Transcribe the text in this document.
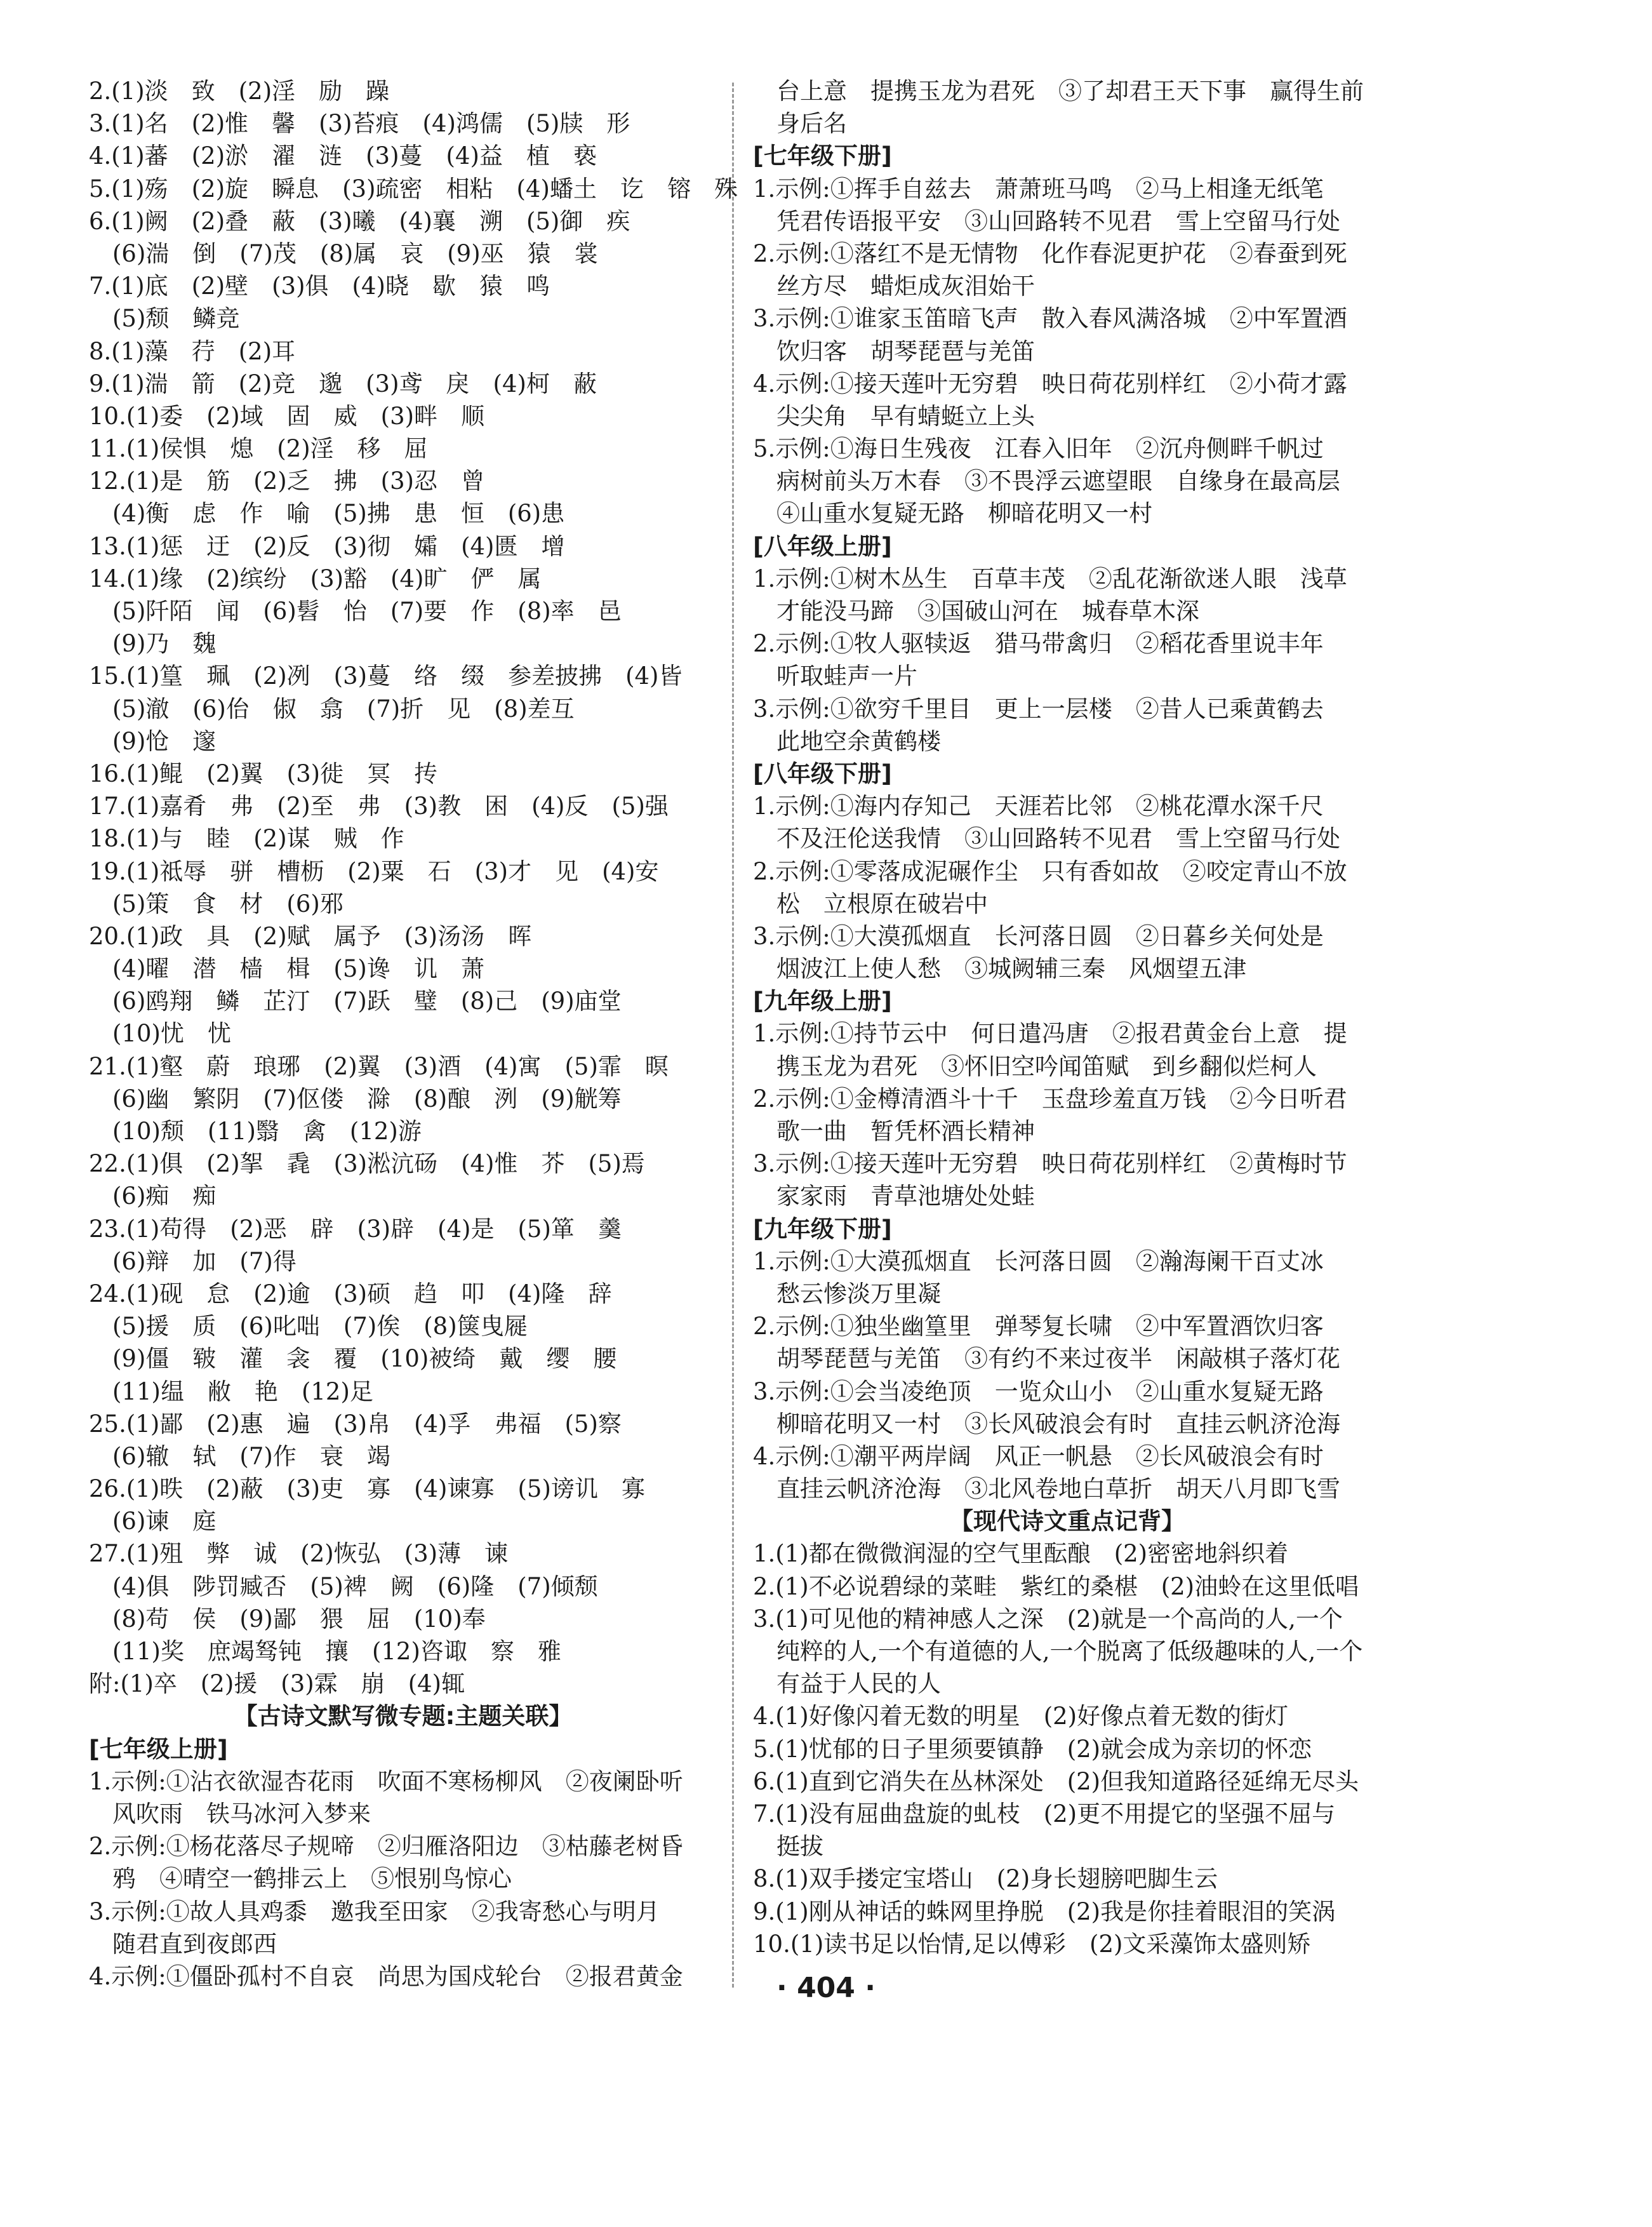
2.(1)淡　致　(2)淫　励　躁
3.(1)名　(2)惟　馨　(3)苔痕　(4)鸿儒　(5)牍　形
4.(1)蕃　(2)淤　濯　涟　(3)蔓　(4)益　植　亵
5.(1)殇　(2)旋　瞬息　(3)疏密　相粘　(4)蟠土　讫　镕　殊
6.(1)阙　(2)叠　蔽　(3)曦　(4)襄　溯　(5)御　疾
　(6)湍　倒　(7)茂　(8)属　哀　(9)巫　猿　裳
7.(1)底　(2)壁　(3)俱　(4)晓　歇　猿　鸣
　(5)颓　鳞竞
8.(1)藻　荇　(2)耳
9.(1)湍　箭　(2)竞　邈　(3)鸢　戾　(4)柯　蔽
10.(1)委　(2)域　固　威　(3)畔　顺
11.(1)侯惧　熄　(2)淫　移　屈
12.(1)是　筋　(2)乏　拂　(3)忍　曾
　(4)衡　虑　作　喻　(5)拂　患　恒　(6)患
13.(1)惩　迂　(2)反　(3)彻　孀　(4)匮　增
14.(1)缘　(2)缤纷　(3)豁　(4)旷　俨　属
　(5)阡陌　闻　(6)髫　怡　(7)要　作　(8)率　邑
　(9)乃　魏
15.(1)篁　珮　(2)冽　(3)蔓　络　缀　参差披拂　(4)皆
　(5)澈　(6)佁　俶　翕　(7)折　见　(8)差互
　(9)怆　邃
16.(1)鲲　(2)翼　(3)徙　冥　抟
17.(1)嘉肴　弗　(2)至　弗　(3)教　困　(4)反　(5)强
18.(1)与　睦　(2)谋　贼　作
19.(1)祗辱　骈　槽枥　(2)粟　石　(3)才　见　(4)安
　(5)策　食　材　(6)邪
20.(1)政　具　(2)赋　属予　(3)汤汤　晖
　(4)曜　潜　樯　楫　(5)谗　讥　萧
　(6)鸥翔　鳞　芷汀　(7)跃　璧　(8)己　(9)庙堂
　(10)忧　忧
21.(1)壑　蔚　琅琊　(2)翼　(3)酒　(4)寓　(5)霏　暝
　(6)幽　繁阴　(7)伛偻　滁　(8)酿　洌　(9)觥筹
　(10)颓　(11)翳　禽　(12)游
22.(1)俱　(2)挐　毳　(3)淞沆砀　(4)惟　芥　(5)焉
　(6)痴　痴
23.(1)苟得　(2)恶　辟　(3)辟　(4)是　(5)箪　羹
　(6)辩　加　(7)得
24.(1)砚　怠　(2)逾　(3)硕　趋　叩　(4)隆　辞
　(5)援　质　(6)叱咄　(7)俟　(8)箧曳屣
　(9)僵　皲　灌　衾　覆　(10)被绮　戴　缨　腰
　(11)缊　敝　艳　(12)足
25.(1)鄙　(2)惠　遍　(3)帛　(4)孚　弗福　(5)察
　(6)辙　轼　(7)作　衰　竭
26.(1)昳　(2)蔽　(3)吏　寡　(4)谏寡　(5)谤讥　寡
　(6)谏　庭
27.(1)殂　弊　诚　(2)恢弘　(3)薄　谏
　(4)俱　陟罚臧否　(5)裨　阙　(6)隆　(7)倾颓
　(8)苟　侯　(9)鄙　猥　屈　(10)奉
　(11)奖　庶竭驽钝　攘　(12)咨诹　察　雅
附:(1)卒　(2)援　(3)霖　崩　(4)辄
【古诗文默写微专题:主题关联】
[七年级上册]
1.示例:①沾衣欲湿杏花雨　吹面不寒杨柳风　②夜阑卧听
　风吹雨　铁马冰河入梦来
2.示例:①杨花落尽子规啼　②归雁洛阳边　③枯藤老树昏
　鸦　④晴空一鹤排云上　⑤恨别鸟惊心
3.示例:①故人具鸡黍　邀我至田家　②我寄愁心与明月
　随君直到夜郎西
4.示例:①僵卧孤村不自哀　尚思为国戍轮台　②报君黄金
　台上意　提携玉龙为君死　③了却君王天下事　赢得生前
　身后名
[七年级下册]
1.示例:①挥手自兹去　萧萧班马鸣　②马上相逢无纸笔
　凭君传语报平安　③山回路转不见君　雪上空留马行处
2.示例:①落红不是无情物　化作春泥更护花　②春蚕到死
　丝方尽　蜡炬成灰泪始干
3.示例:①谁家玉笛暗飞声　散入春风满洛城　②中军置酒
　饮归客　胡琴琵琶与羌笛
4.示例:①接天莲叶无穷碧　映日荷花别样红　②小荷才露
　尖尖角　早有蜻蜓立上头
5.示例:①海日生残夜　江春入旧年　②沉舟侧畔千帆过
　病树前头万木春　③不畏浮云遮望眼　自缘身在最高层
　④山重水复疑无路　柳暗花明又一村
[八年级上册]
1.示例:①树木丛生　百草丰茂　②乱花渐欲迷人眼　浅草
　才能没马蹄　③国破山河在　城春草木深
2.示例:①牧人驱犊返　猎马带禽归　②稻花香里说丰年
　听取蛙声一片
3.示例:①欲穷千里目　更上一层楼　②昔人已乘黄鹤去
　此地空余黄鹤楼
[八年级下册]
1.示例:①海内存知己　天涯若比邻　②桃花潭水深千尺
　不及汪伦送我情　③山回路转不见君　雪上空留马行处
2.示例:①零落成泥碾作尘　只有香如故　②咬定青山不放
　松　立根原在破岩中
3.示例:①大漠孤烟直　长河落日圆　②日暮乡关何处是
　烟波江上使人愁　③城阙辅三秦　风烟望五津
[九年级上册]
1.示例:①持节云中　何日遣冯唐　②报君黄金台上意　提
　携玉龙为君死　③怀旧空吟闻笛赋　到乡翻似烂柯人
2.示例:①金樽清酒斗十千　玉盘珍羞直万钱　②今日听君
　歌一曲　暂凭杯酒长精神
3.示例:①接天莲叶无穷碧　映日荷花别样红　②黄梅时节
　家家雨　青草池塘处处蛙
[九年级下册]
1.示例:①大漠孤烟直　长河落日圆　②瀚海阑干百丈冰
　愁云惨淡万里凝
2.示例:①独坐幽篁里　弹琴复长啸　②中军置酒饮归客
　胡琴琵琶与羌笛　③有约不来过夜半　闲敲棋子落灯花
3.示例:①会当凌绝顶　一览众山小　②山重水复疑无路
　柳暗花明又一村　③长风破浪会有时　直挂云帆济沧海
4.示例:①潮平两岸阔　风正一帆悬　②长风破浪会有时
　直挂云帆济沧海　③北风卷地白草折　胡天八月即飞雪
【现代诗文重点记背】
1.(1)都在微微润湿的空气里酝酿　(2)密密地斜织着
2.(1)不必说碧绿的菜畦　紫红的桑椹　(2)油蛉在这里低唱
3.(1)可见他的精神感人之深　(2)就是一个高尚的人,一个
　纯粹的人,一个有道德的人,一个脱离了低级趣味的人,一个
　有益于人民的人
4.(1)好像闪着无数的明星　(2)好像点着无数的街灯
5.(1)忧郁的日子里须要镇静　(2)就会成为亲切的怀恋
6.(1)直到它消失在丛林深处　(2)但我知道路径延绵无尽头
7.(1)没有屈曲盘旋的虬枝　(2)更不用提它的坚强不屈与
　挺拔
8.(1)双手搂定宝塔山　(2)身长翅膀吧脚生云
9.(1)刚从神话的蛛网里挣脱　(2)我是你挂着眼泪的笑涡
10.(1)读书足以怡情,足以傅彩　(2)文采藻饰太盛则矫
· 404 ·
